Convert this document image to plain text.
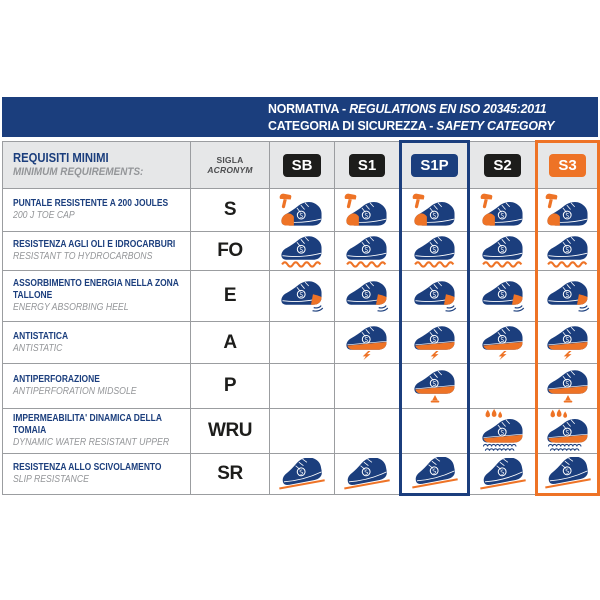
NORMATIVA - REGULATIONS EN ISO 20345:2011
CATEGORIA DI SICUREZZA - SAFETY CATEGORY
REQUISITI MINIMI
MINIMUM REQUIREMENTS:

SIGLA
ACRONYM	SB	S1	S1P	S2	S3

PUNTALE RESISTENTE A 200 JOULES
200 J TOE CAP	S					

RESISTENZA AGLI OLI E IDROCARBURI
RESISTANT TO HYDROCARBONS	FO					

ASSORBIMENTO ENERGIA NELLA ZONA TALLONE
ENERGY ABSORBING HEEL	E					

ANTISTATICA
ANTISTATIC	A					

ANTIPERFORAZIONE
ANTIPERFORATION MIDSOLE	P					

IMPERMEABILITA' DINAMICA DELLA TOMAIA
DYNAMIC WATER RESISTANT UPPER	WRU					

RESISTENZA ALLO SCIVOLAMENTO
SLIP RESISTANCE	SR					
